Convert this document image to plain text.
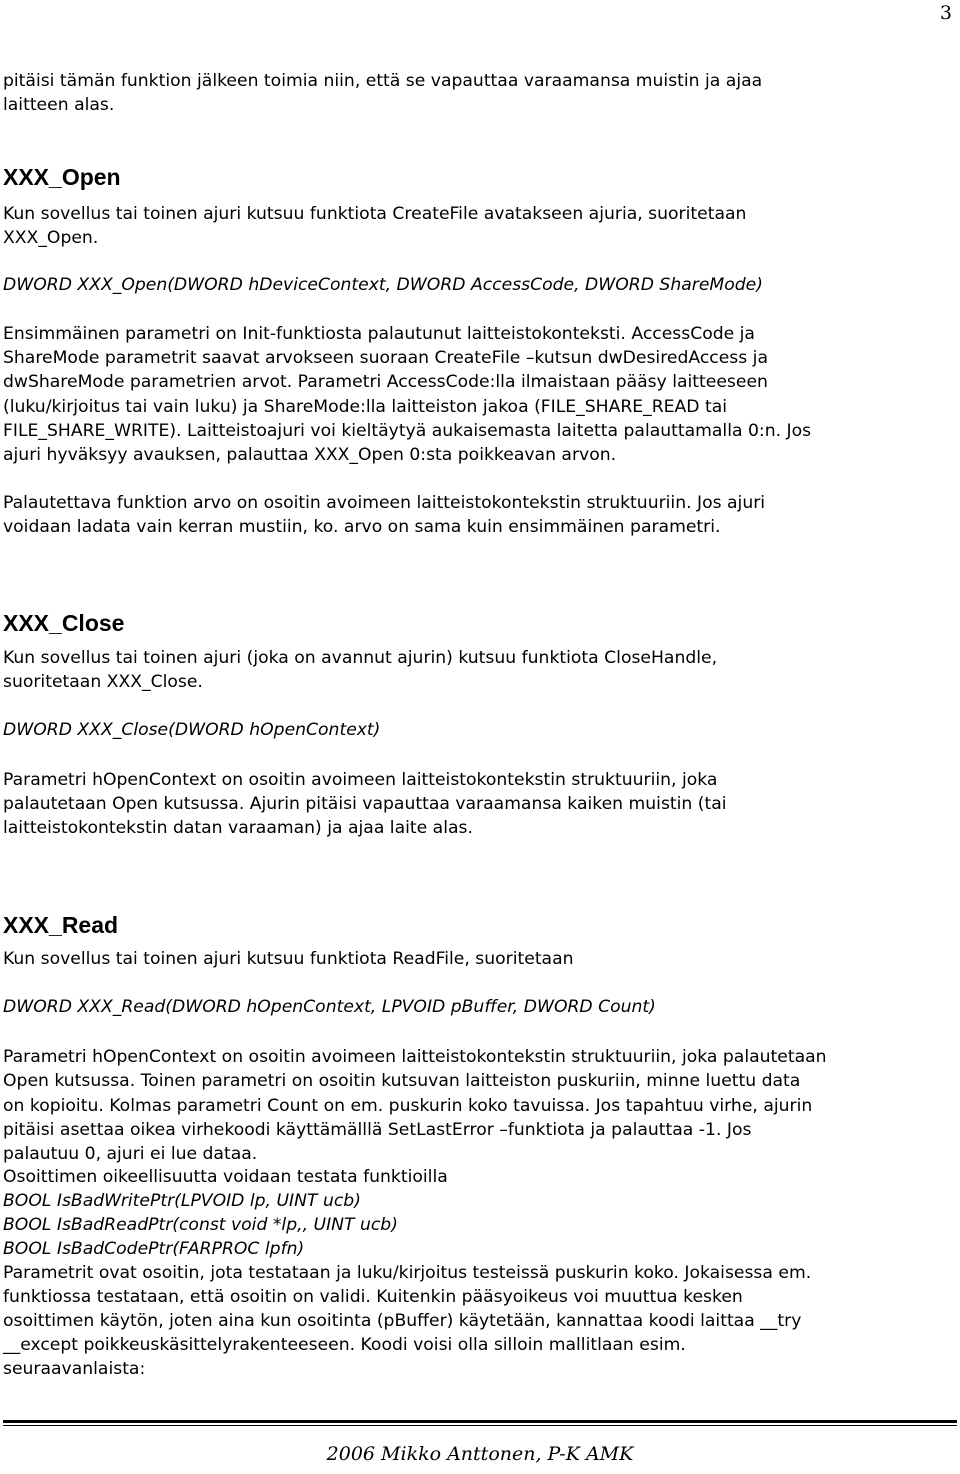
3
pitäisi tämän funktion jälkeen toimia niin, että se vapauttaa varaamansa muistin ja ajaa
laitteen alas.
XXX_Open
Kun sovellus tai toinen ajuri kutsuu funktiota CreateFile avatakseen ajuria, suoritetaan
XXX_Open.
DWORD XXX_Open(DWORD hDeviceContext, DWORD AccessCode, DWORD ShareMode)
Ensimmäinen parametri on Init-funktiosta palautunut laitteistokonteksti. AccessCode ja
ShareMode parametrit saavat arvokseen suoraan CreateFile –kutsun dwDesiredAccess ja
dwShareMode parametrien arvot. Parametri AccessCode:lla ilmaistaan pääsy laitteeseen
(luku/kirjoitus tai vain luku) ja ShareMode:lla laitteiston jakoa (FILE_SHARE_READ tai
FILE_SHARE_WRITE). Laitteistoajuri voi kieltäytyä aukaisemasta laitetta palauttamalla 0:n. Jos
ajuri hyväksyy avauksen, palauttaa XXX_Open 0:sta poikkeavan arvon.
Palautettava funktion arvo on osoitin avoimeen laitteistokontekstin struktuuriin. Jos ajuri
voidaan ladata vain kerran mustiin, ko. arvo on sama kuin ensimmäinen parametri.
XXX_Close
Kun sovellus tai toinen ajuri (joka on avannut ajurin) kutsuu funktiota CloseHandle,
suoritetaan XXX_Close.
DWORD XXX_Close(DWORD hOpenContext)
Parametri hOpenContext on osoitin avoimeen laitteistokontekstin struktuuriin, joka
palautetaan Open kutsussa. Ajurin pitäisi vapauttaa varaamansa kaiken muistin (tai
laitteistokontekstin datan varaaman) ja ajaa laite alas.
XXX_Read
Kun sovellus tai toinen ajuri kutsuu funktiota ReadFile, suoritetaan
DWORD XXX_Read(DWORD hOpenContext, LPVOID pBuffer, DWORD Count)
Parametri hOpenContext on osoitin avoimeen laitteistokontekstin struktuuriin, joka palautetaan
Open kutsussa. Toinen parametri on osoitin kutsuvan laitteiston puskuriin, minne luettu data
on kopioitu. Kolmas parametri Count on em. puskurin koko tavuissa. Jos tapahtuu virhe, ajurin
pitäisi asettaa oikea virhekoodi käyttämälllä SetLastError –funktiota ja palauttaa -1. Jos
palautuu 0, ajuri ei lue dataa.
Osoittimen oikeellisuutta voidaan testata funktioilla
BOOL IsBadWritePtr(LPVOID lp, UINT ucb)
BOOL IsBadReadPtr(const void *lp,, UINT ucb)
BOOL IsBadCodePtr(FARPROC lpfn)
Parametrit ovat osoitin, jota testataan ja luku/kirjoitus testeissä puskurin koko. Jokaisessa em.
funktiossa testataan, että osoitin on validi. Kuitenkin pääsyoikeus voi muuttua kesken
osoittimen käytön, joten aina kun osoitinta (pBuffer) käytetään, kannattaa koodi laittaa __try
__except poikkeuskäsittelyrakenteeseen. Koodi voisi olla silloin mallitlaan esim.
seuraavanlaista:
2006 Mikko Anttonen, P-K AMK
